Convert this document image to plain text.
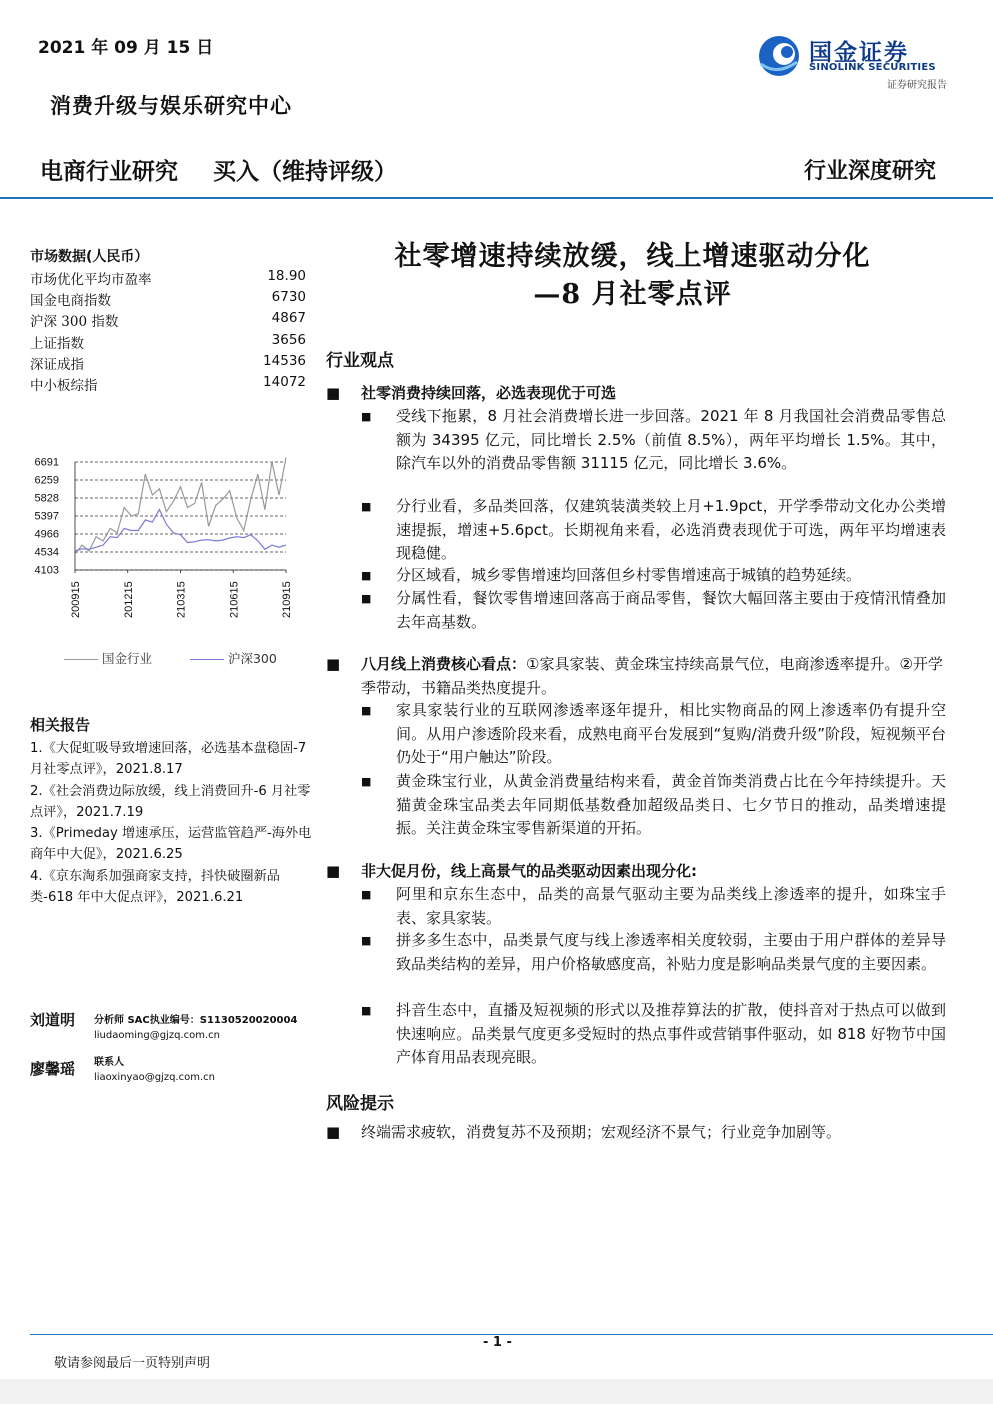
2021 年 09 月 15 日
消费升级与娱乐研究中心
国金证券
SINOLINK SECURITIES
证券研究报告
电商行业研究 买入（维持评级）	行业深度研究
市场数据(人民币）
市场优化平均市盈率	18.90
国金电商指数	6730
沪深 300 指数	4867
上证指数	3656
深证成指	14536
中小板综指	14072
6691
6259
5828
5397
4966
4534
4103
200915	201215	210315	210615	210915
国金行业	沪深300
相关报告
1.《大促虹吸导致增速回落，必选基本盘稳固-7 月社零点评》，2021.8.17
2.《社会消费边际放缓，线上消费回升-6 月社零点评》，2021.7.19
3.《Primeday 增速承压，运营监管趋严-海外电商年中大促》，2021.6.25
4.《京东淘系加强商家支持，抖快破圈新品类-618 年中大促点评》，2021.6.21
刘道明 分析师 SAC执业编号：S1130520020004
liudaoming@gjzq.com.cn
廖馨瑶 联系人
liaoxinyao@gjzq.com.cn
社零增速持续放缓，线上增速驱动分化
—8 月社零点评
行业观点
■ 社零消费持续回落，必选表现优于可选
■ 受线下拖累，8 月社会消费增长进一步回落。2021 年 8 月我国社会消费品零售总额为 34395 亿元，同比增长 2.5%（前值 8.5%），两年平均增长 1.5%。其中，除汽车以外的消费品零售额 31115 亿元，同比增长 3.6%。
■ 分行业看，多品类回落，仅建筑装潢类较上月+1.9pct，开学季带动文化办公类增速提振，增速+5.6pct。长期视角来看，必选消费表现优于可选，两年平均增速表现稳健。
■ 分区域看，城乡零售增速均回落但乡村零售增速高于城镇的趋势延续。
■ 分属性看，餐饮零售增速回落高于商品零售，餐饮大幅回落主要由于疫情汛情叠加去年高基数。
■ 八月线上消费核心看点：①家具家装、黄金珠宝持续高景气位，电商渗透率提升。②开学季带动，书籍品类热度提升。
■ 家具家装行业的互联网渗透率逐年提升，相比实物商品的网上渗透率仍有提升空间。从用户渗透阶段来看，成熟电商平台发展到“复购/消费升级”阶段，短视频平台仍处于“用户触达”阶段。
■ 黄金珠宝行业，从黄金消费量结构来看，黄金首饰类消费占比在今年持续提升。天猫黄金珠宝品类去年同期低基数叠加超级品类日、七夕节日的推动，品类增速提振。关注黄金珠宝零售新渠道的开拓。
■ 非大促月份，线上高景气的品类驱动因素出现分化:
■ 阿里和京东生态中，品类的高景气驱动主要为品类线上渗透率的提升，如珠宝手表、家具家装。
■ 拼多多生态中，品类景气度与线上渗透率相关度较弱，主要由于用户群体的差异导致品类结构的差异，用户价格敏感度高，补贴力度是影响品类景气度的主要因素。
■ 抖音生态中，直播及短视频的形式以及推荐算法的扩散，使抖音对于热点可以做到快速响应。品类景气度更多受短时的热点事件或营销事件驱动，如 818 好物节中国产体育用品表现亮眼。
风险提示
■ 终端需求疲软，消费复苏不及预期；宏观经济不景气；行业竞争加剧等。
- 1 -
敬请参阅最后一页特别声明
